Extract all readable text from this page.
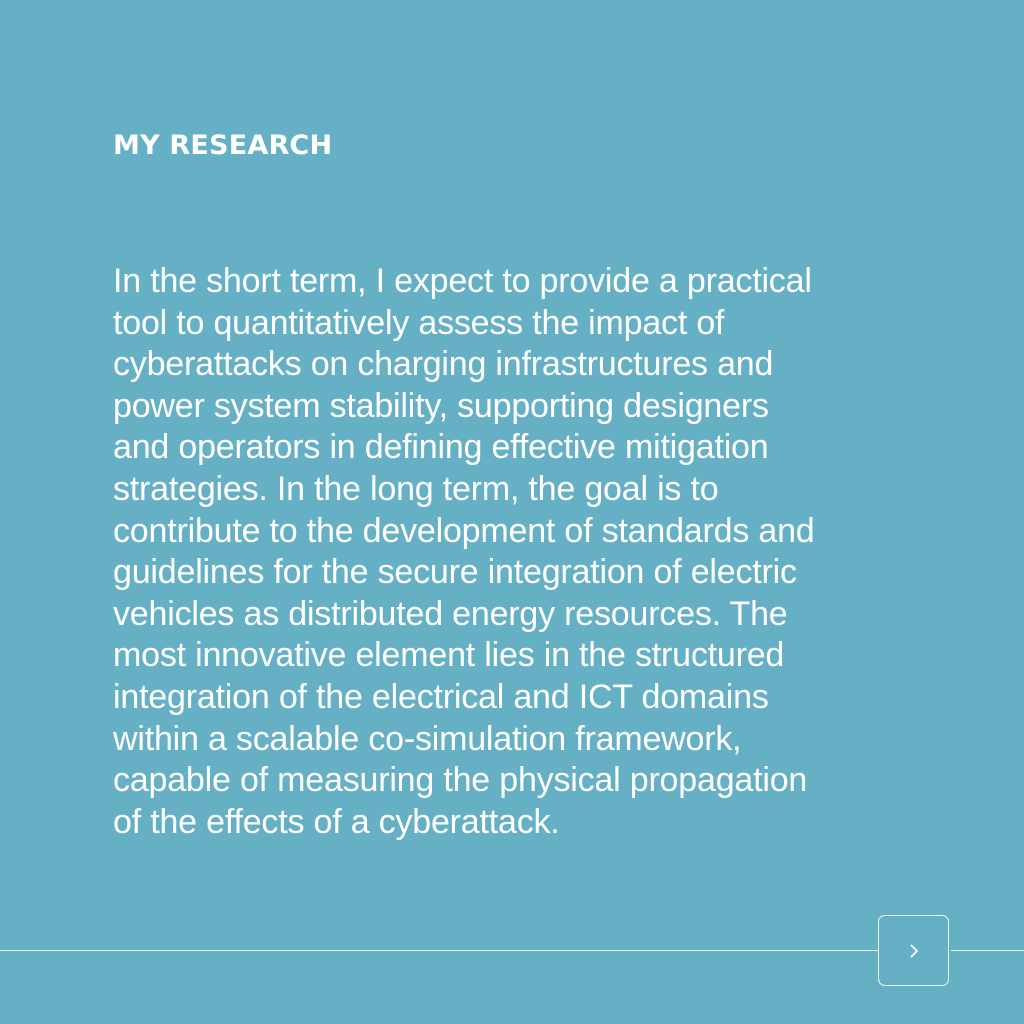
MY RESEARCH

In the short term, I expect to provide a practical
tool to quantitatively assess the impact of
cyberattacks on charging infrastructures and
power system stability, supporting designers
and operators in defining effective mitigation
strategies. In the long term, the goal is to
contribute to the development of standards and
guidelines for the secure integration of electric
vehicles as distributed energy resources. The
most innovative element lies in the structured
integration of the electrical and ICT domains
within a scalable co-simulation framework,
capable of measuring the physical propagation
of the effects of a cyberattack.
